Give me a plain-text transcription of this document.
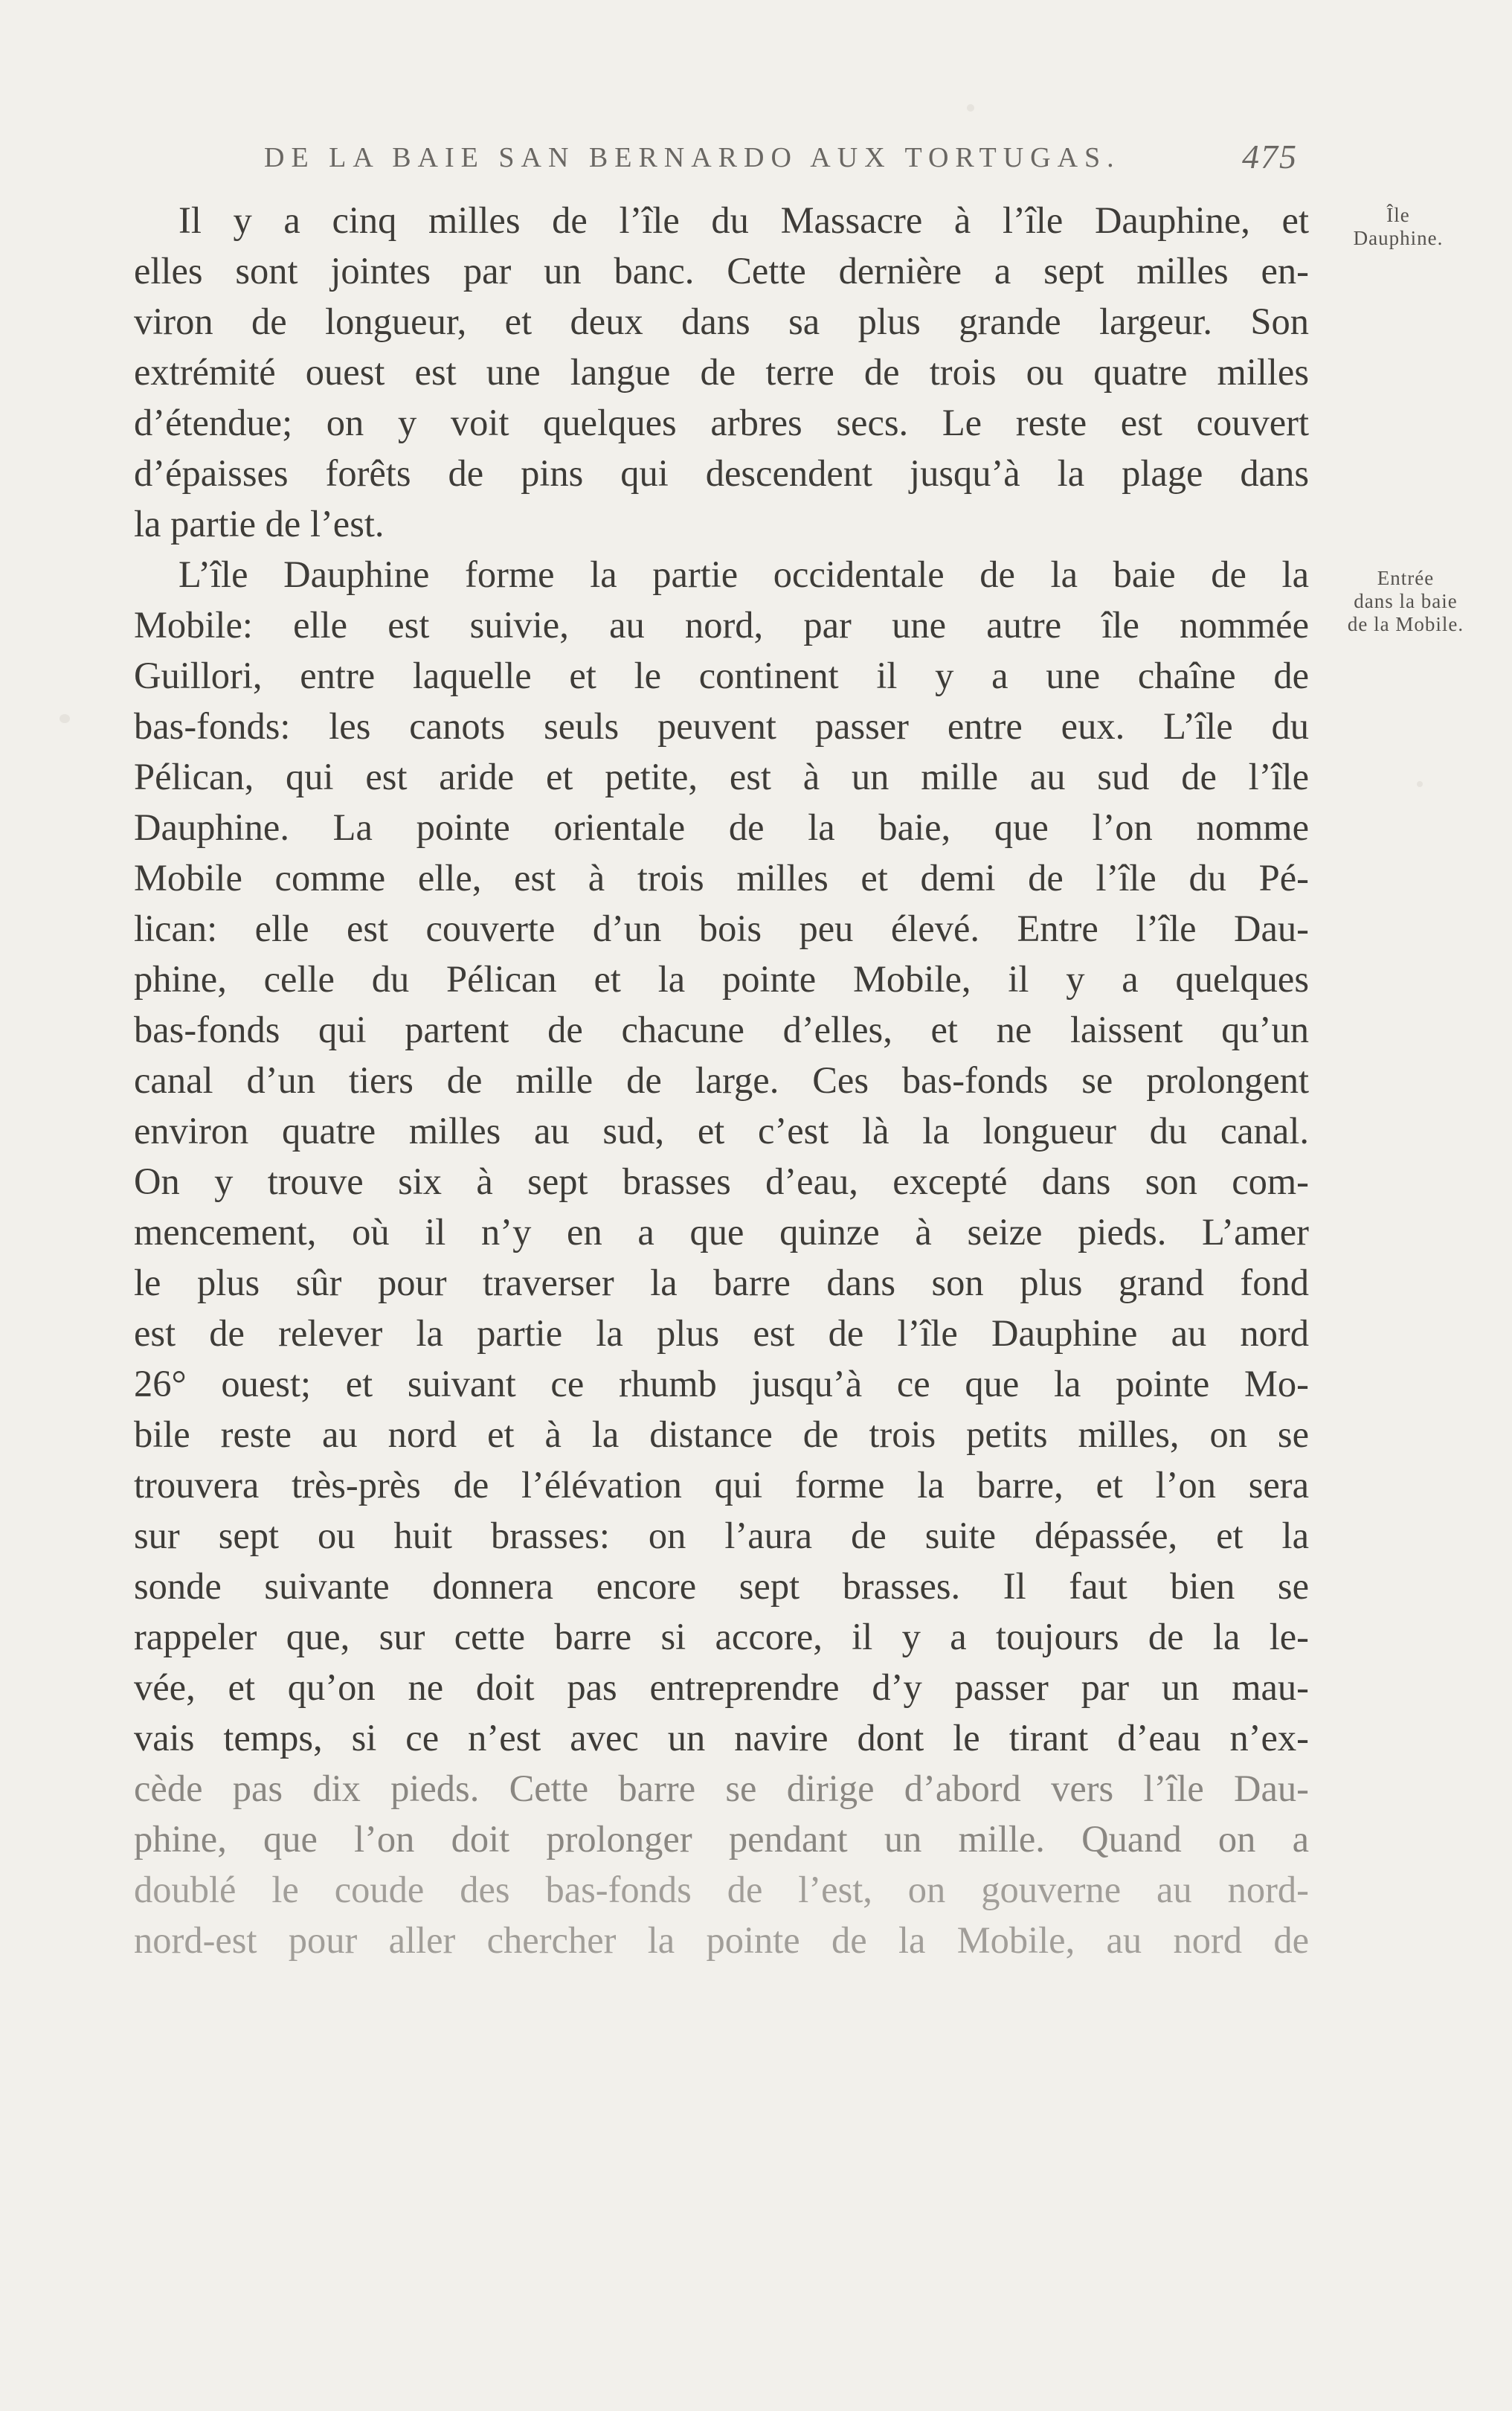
DE LA BAIE SAN BERNARDO AUX TORTUGAS.	475
Île
Dauphine.
Entrée
dans la baie
de la Mobile.
Il y a cinq milles de l’île du Massacre à l’île Dauphine, et
elles sont jointes par un banc. Cette dernière a sept milles en-
viron de longueur, et deux dans sa plus grande largeur. Son
extrémité ouest est une langue de terre de trois ou quatre milles
d’étendue; on y voit quelques arbres secs. Le reste est couvert
d’épaisses forêts de pins qui descendent jusqu’à la plage dans
la partie de l’est.
L’île Dauphine forme la partie occidentale de la baie de la
Mobile: elle est suivie, au nord, par une autre île nommée
Guillori, entre laquelle et le continent il y a une chaîne de
bas-fonds: les canots seuls peuvent passer entre eux. L’île du
Pélican, qui est aride et petite, est à un mille au sud de l’île
Dauphine. La pointe orientale de la baie, que l’on nomme
Mobile comme elle, est à trois milles et demi de l’île du Pé-
lican: elle est couverte d’un bois peu élevé. Entre l’île Dau-
phine, celle du Pélican et la pointe Mobile, il y a quelques
bas-fonds qui partent de chacune d’elles, et ne laissent qu’un
canal d’un tiers de mille de large. Ces bas-fonds se prolongent
environ quatre milles au sud, et c’est là la longueur du canal.
On y trouve six à sept brasses d’eau, excepté dans son com-
mencement, où il n’y en a que quinze à seize pieds. L’amer
le plus sûr pour traverser la barre dans son plus grand fond
est de relever la partie la plus est de l’île Dauphine au nord
26° ouest; et suivant ce rhumb jusqu’à ce que la pointe Mo-
bile reste au nord et à la distance de trois petits milles, on se
trouvera très-près de l’élévation qui forme la barre, et l’on sera
sur sept ou huit brasses: on l’aura de suite dépassée, et la
sonde suivante donnera encore sept brasses. Il faut bien se
rappeler que, sur cette barre si accore, il y a toujours de la le-
vée, et qu’on ne doit pas entreprendre d’y passer par un mau-
vais temps, si ce n’est avec un navire dont le tirant d’eau n’ex-
cède pas dix pieds. Cette barre se dirige d’abord vers l’île Dau-
phine, que l’on doit prolonger pendant un mille. Quand on a
doublé le coude des bas-fonds de l’est, on gouverne au nord-
nord-est pour aller chercher la pointe de la Mobile, au nord de
